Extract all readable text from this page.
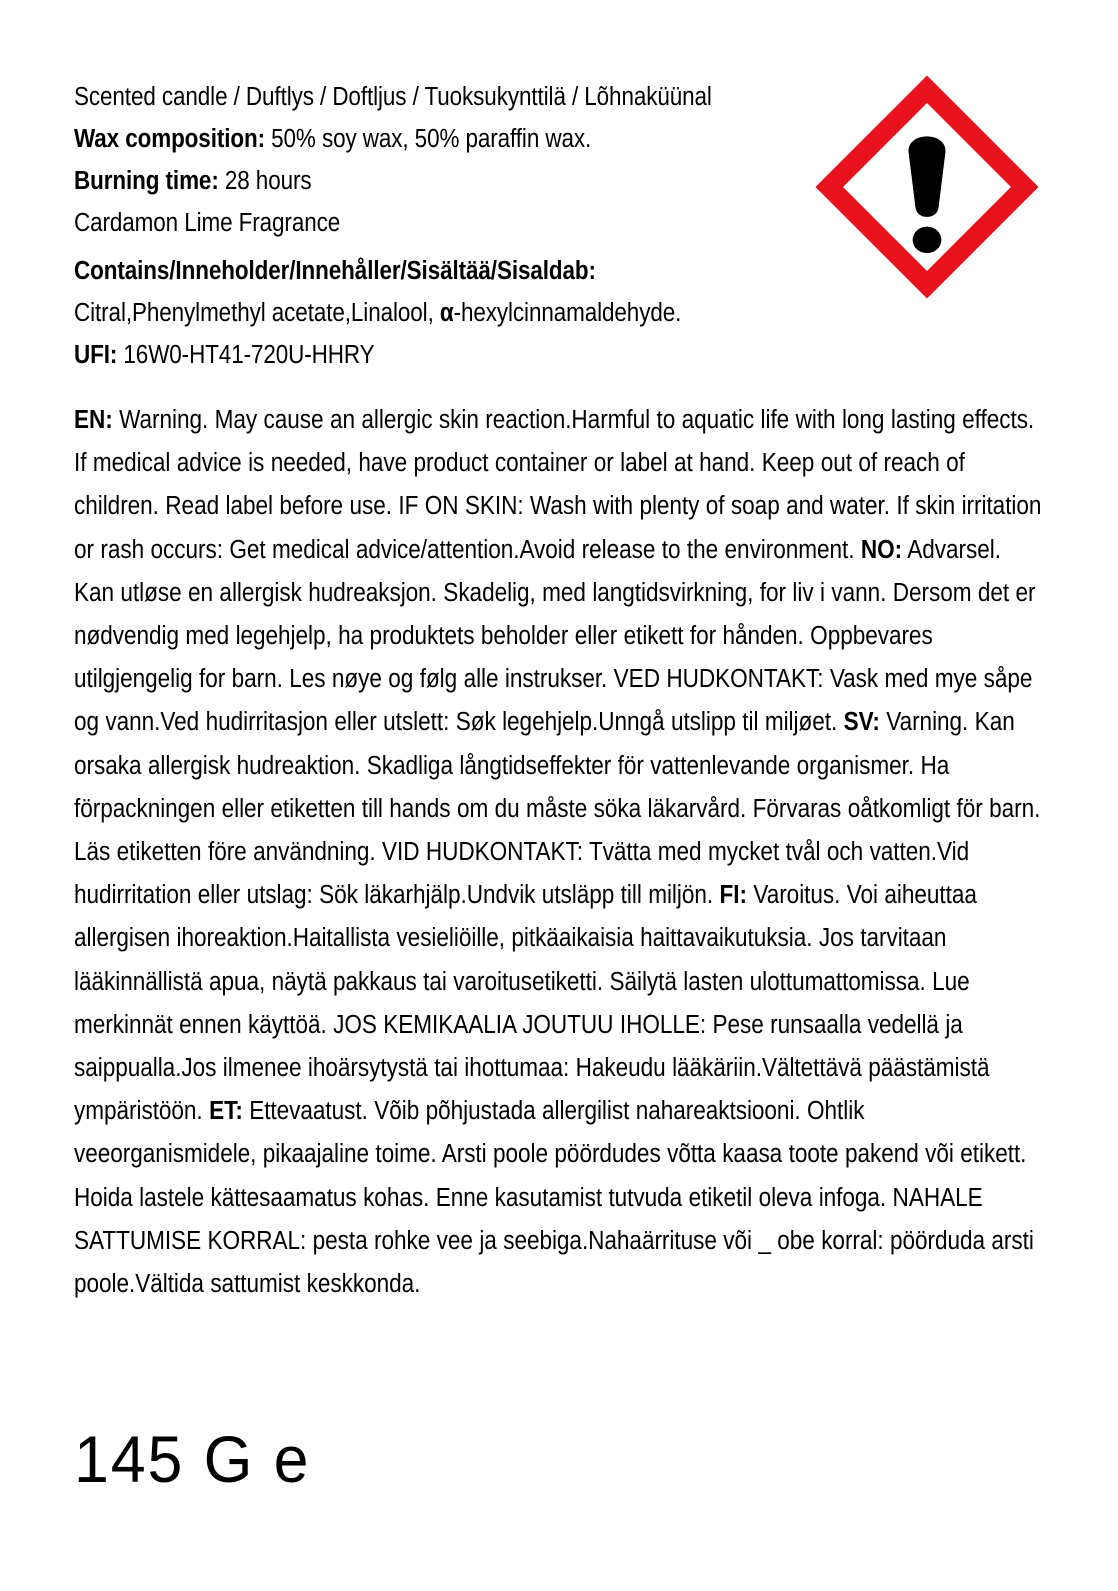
Scented candle / Duftlys / Doftljus / Tuoksukynttilä / Lõhnaküünal
Wax composition: 50% soy wax, 50% paraffin wax.
Burning time: 28 hours
Cardamon Lime Fragrance
Contains/Inneholder/Innehåller/Sisältää/Sisaldab:
Citral,Phenylmethyl acetate,Linalool, α-hexylcinnamaldehyde.
UFI: 16W0-HT41-720U-HHRY
EN: Warning. May cause an allergic skin reaction.Harmful to aquatic life with long lasting effects. If medical advice is needed, have product container or label at hand. Keep out of reach of children. Read label before use. IF ON SKIN: Wash with plenty of soap and water. If skin irritation or rash occurs: Get medical advice/attention.Avoid release to the environment. NO: Advarsel. Kan utløse en allergisk hudreaksjon. Skadelig, med langtidsvirkning, for liv i vann. Dersom det er nødvendig med legehjelp, ha produktets beholder eller etikett for hånden. Oppbevares utilgjengelig for barn. Les nøye og følg alle instrukser. VED HUDKONTAKT: Vask med mye såpe og vann.Ved hudirritasjon eller utslett: Søk legehjelp.Unngå utslipp til miljøet. SV: Varning. Kan orsaka allergisk hudreaktion. Skadliga långtidseffekter för vattenlevande organismer. Ha förpackningen eller etiketten till hands om du måste söka läkarvård. Förvaras oåtkomligt för barn. Läs etiketten före användning. VID HUDKONTAKT: Tvätta med mycket tvål och vatten.Vid hudirritation eller utslag: Sök läkarhjälp.Undvik utsläpp till miljön. FI: Varoitus. Voi aiheuttaa allergisen ihoreaktion.Haitallista vesieliöille, pitkäaikaisia haittavaikutuksia. Jos tarvitaan lääkinnällistä apua, näytä pakkaus tai varoitusetiketti. Säilytä lasten ulottumattomissa. Lue merkinnät ennen käyttöä. JOS KEMIKAALIA JOUTUU IHOLLE: Pese runsaalla vedellä ja saippualla.Jos ilmenee ihoärsytystä tai ihottumaa: Hakeudu lääkäriin.Vältettävä päästämistä ympäristöön. ET: Ettevaatust. Võib põhjustada allergilist nahareaktsiooni. Ohtlik veeorganismidele, pikaajaline toime. Arsti poole pöördudes võtta kaasa toote pakend või etikett. Hoida lastele kättesaamatus kohas. Enne kasutamist tutvuda etiketil oleva infoga. NAHALE SATTUMISE KORRAL: pesta rohke vee ja seebiga.Nahaärrituse või _ obe korral: pöörduda arsti poole.Vältida sattumist keskkonda.
145 G e
